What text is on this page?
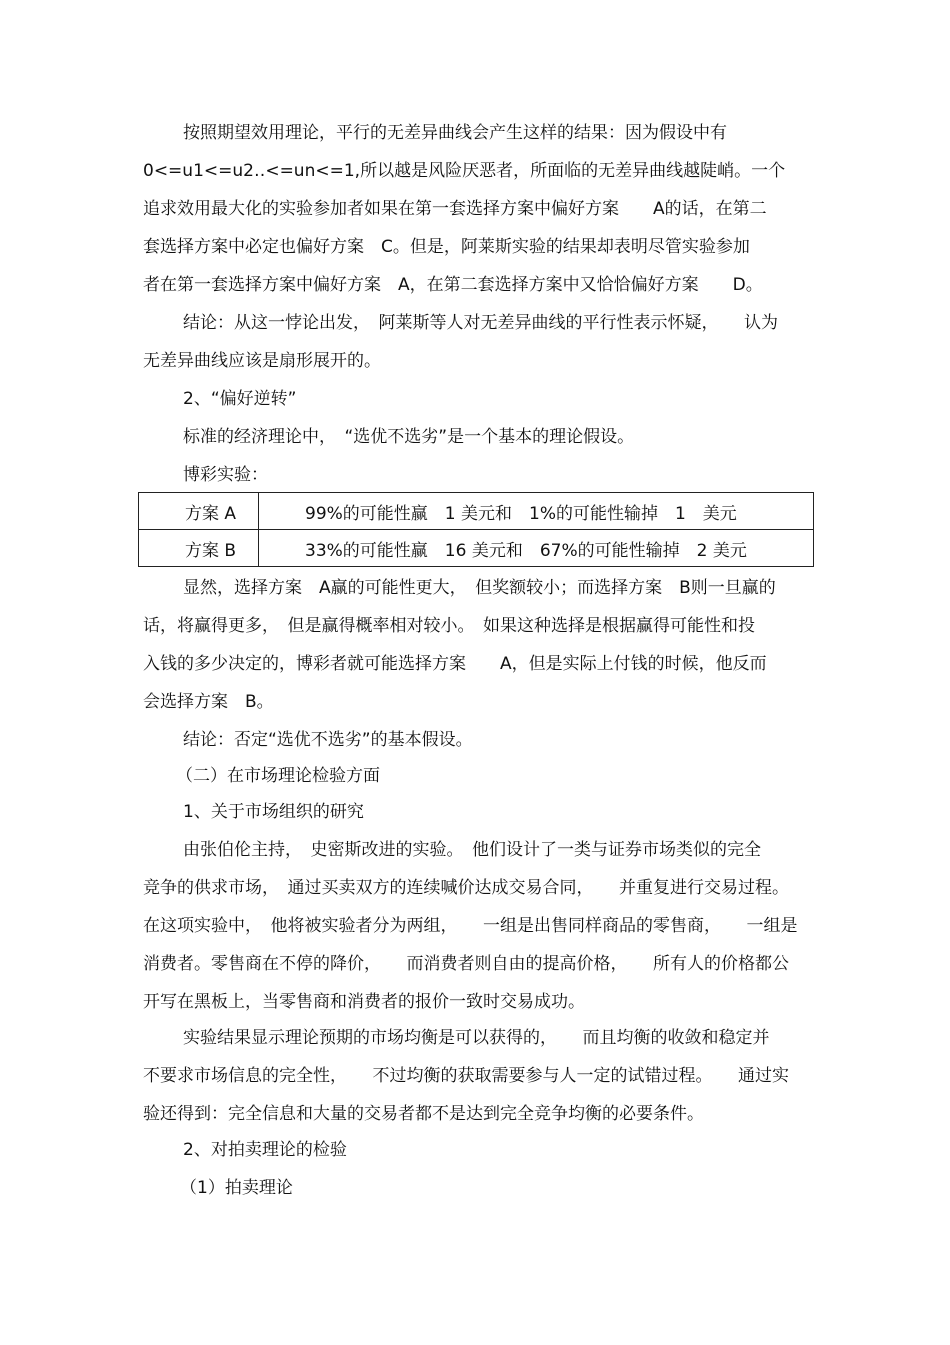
按照期望效用理论，平行的无差异曲线会产生这样的结果：因为假设中有
0<=u1<=u2‥<=un<=1,所以越是风险厌恶者，所面临的无差异曲线越陡峭。一个
追求效用最大化的实验参加者如果在第一套选择方案中偏好方案　　A的话，在第二
套选择方案中必定也偏好方案　C。但是，阿莱斯实验的结果却表明尽管实验参加
者在第一套选择方案中偏好方案　A，在第二套选择方案中又恰恰偏好方案　　D。
结论：从这一悖论出发，　阿莱斯等人对无差异曲线的平行性表示怀疑，　　认为
无差异曲线应该是扇形展开的。
2、“偏好逆转”
标准的经济理论中，　“选优不选劣”是一个基本的理论假设。
博彩实验：
方案 A	99%的可能性赢　1 美元和　1%的可能性输掉　1　美元
方案 B	33%的可能性赢　16 美元和　67%的可能性输掉　2 美元
显然，选择方案　A赢的可能性更大，　但奖额较小；而选择方案　B则一旦赢的
话，将赢得更多，　但是赢得概率相对较小。　如果这种选择是根据赢得可能性和投
入钱的多少决定的，博彩者就可能选择方案　　A，但是实际上付钱的时候，他反而
会选择方案　B。
结论：否定“选优不选劣”的基本假设。
（二）在市场理论检验方面
1、关于市场组织的研究
由张伯伦主持，　史密斯改进的实验。　他们设计了一类与证券市场类似的完全
竞争的供求市场，　通过买卖双方的连续喊价达成交易合同，　　并重复进行交易过程。
在这项实验中，　他将被实验者分为两组，　　一组是出售同样商品的零售商，　　一组是
消费者。零售商在不停的降价，　　而消费者则自由的提高价格，　　所有人的价格都公
开写在黑板上，当零售商和消费者的报价一致时交易成功。
实验结果显示理论预期的市场均衡是可以获得的，　　而且均衡的收敛和稳定并
不要求市场信息的完全性，　　不过均衡的获取需要参与人一定的试错过程。　　通过实
验还得到：完全信息和大量的交易者都不是达到完全竞争均衡的必要条件。
2、对拍卖理论的检验
（1）拍卖理论
